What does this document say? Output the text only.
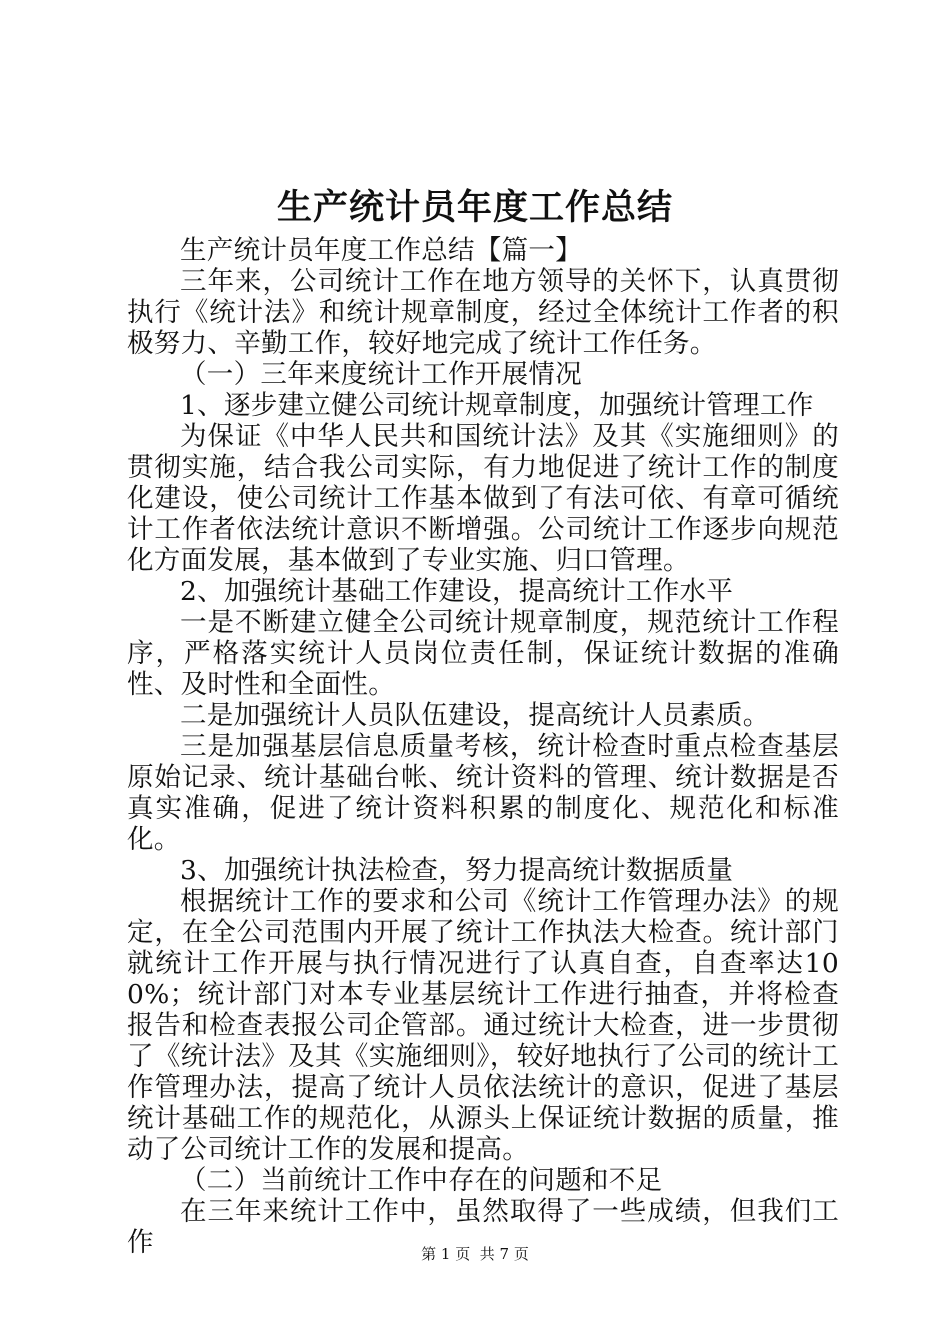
生产统计员年度工作总结

生产统计员年度工作总结【篇一】

三年来，公司统计工作在地方领导的关怀下，认真贯彻执行《统计法》和统计规章制度，经过全体统计工作者的积极努力、辛勤工作，较好地完成了统计工作任务。

（一）三年来度统计工作开展情况

1、逐步建立健公司统计规章制度，加强统计管理工作

为保证《中华人民共和国统计法》及其《实施细则》的贯彻实施，结合我公司实际，有力地促进了统计工作的制度化建设，使公司统计工作基本做到了有法可依、有章可循统计工作者依法统计意识不断增强。公司统计工作逐步向规范化方面发展，基本做到了专业实施、归口管理。

2、加强统计基础工作建设，提高统计工作水平

一是不断建立健全公司统计规章制度，规范统计工作程序，严格落实统计人员岗位责任制，保证统计数据的准确性、及时性和全面性。

二是加强统计人员队伍建设，提高统计人员素质。

三是加强基层信息质量考核，统计检查时重点检查基层原始记录、统计基础台帐、统计资料的管理、统计数据是否真实准确，促进了统计资料积累的制度化、规范化和标准化。

3、加强统计执法检查，努力提高统计数据质量

根据统计工作的要求和公司《统计工作管理办法》的规定，在全公司范围内开展了统计工作执法大检查。统计部门就统计工作开展与执行情况进行了认真自查，自查率达100%；统计部门对本专业基层统计工作进行抽查，并将检查报告和检查表报公司企管部。通过统计大检查，进一步贯彻了《统计法》及其《实施细则》，较好地执行了公司的统计工作管理办法，提高了统计人员依法统计的意识，促进了基层统计基础工作的规范化，从源头上保证统计数据的质量，推动了公司统计工作的发展和提高。

（二）当前统计工作中存在的问题和不足

在三年来统计工作中，虽然取得了一些成绩，但我们工作	第 1 页  共 7 页
